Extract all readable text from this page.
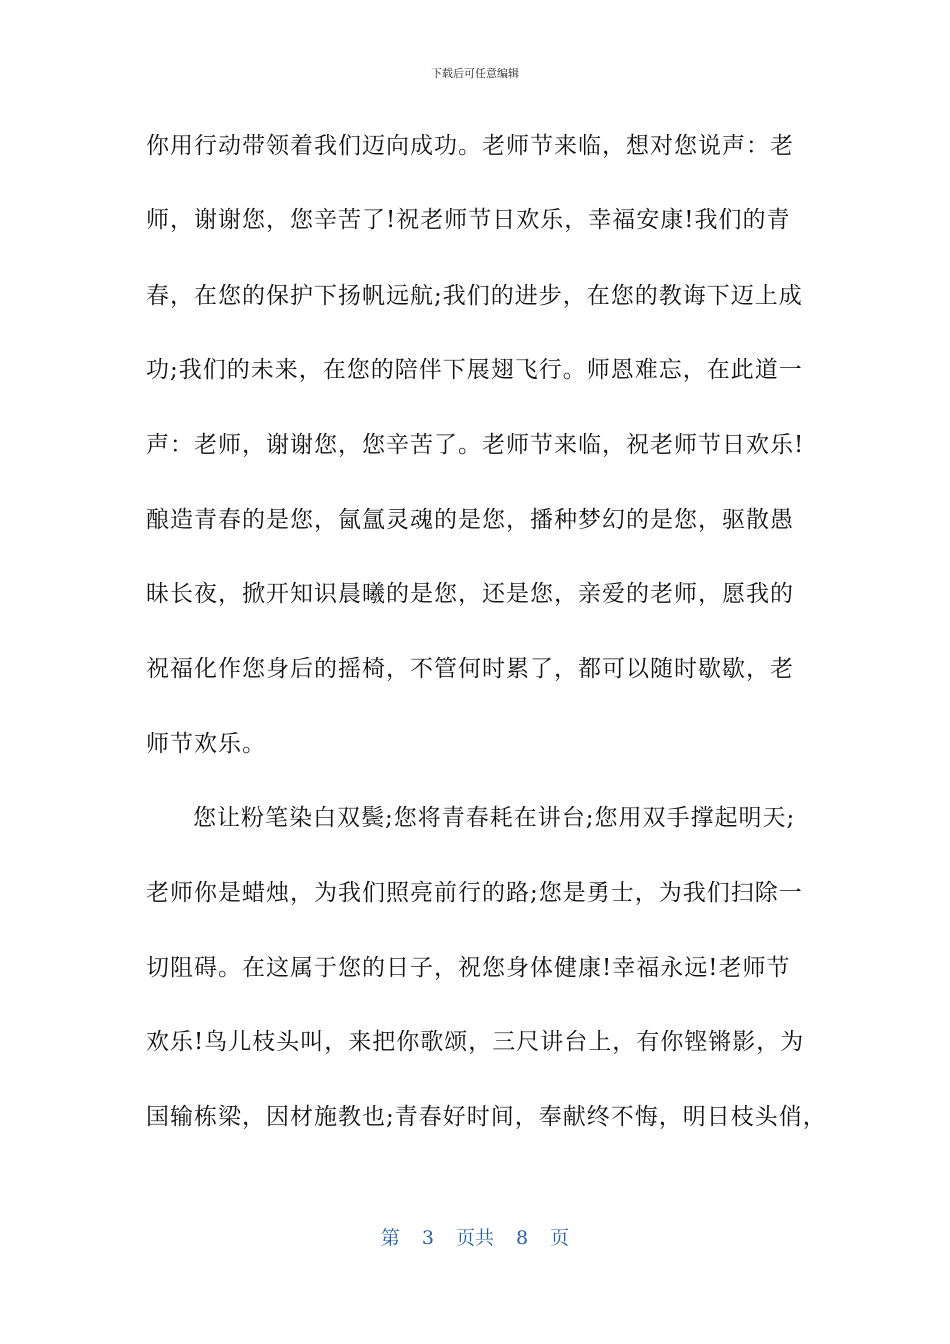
下载后可任意编辑
你用行动带领着我们迈向成功。老师节来临，想对您说声：老
师，谢谢您，您辛苦了!祝老师节日欢乐，幸福安康!我们的青
春，在您的保护下扬帆远航;我们的进步，在您的教诲下迈上成
功;我们的未来，在您的陪伴下展翅飞行。师恩难忘，在此道一
声：老师，谢谢您，您辛苦了。老师节来临，祝老师节日欢乐!
酿造青春的是您，氤氲灵魂的是您，播种梦幻的是您，驱散愚
昧长夜，掀开知识晨曦的是您，还是您，亲爱的老师，愿我的
祝福化作您身后的摇椅，不管何时累了，都可以随时歇歇，老
师节欢乐。
您让粉笔染白双鬓;您将青春耗在讲台;您用双手撑起明天;
老师你是蜡烛，为我们照亮前行的路;您是勇士，为我们扫除一
切阻碍。在这属于您的日子，祝您身体健康!幸福永远!老师节
欢乐!鸟儿枝头叫，来把你歌颂，三尺讲台上，有你铿锵影，为
国输栋梁，因材施教也;青春好时间，奉献终不悔，明日枝头俏，
第 3 页共 8 页
